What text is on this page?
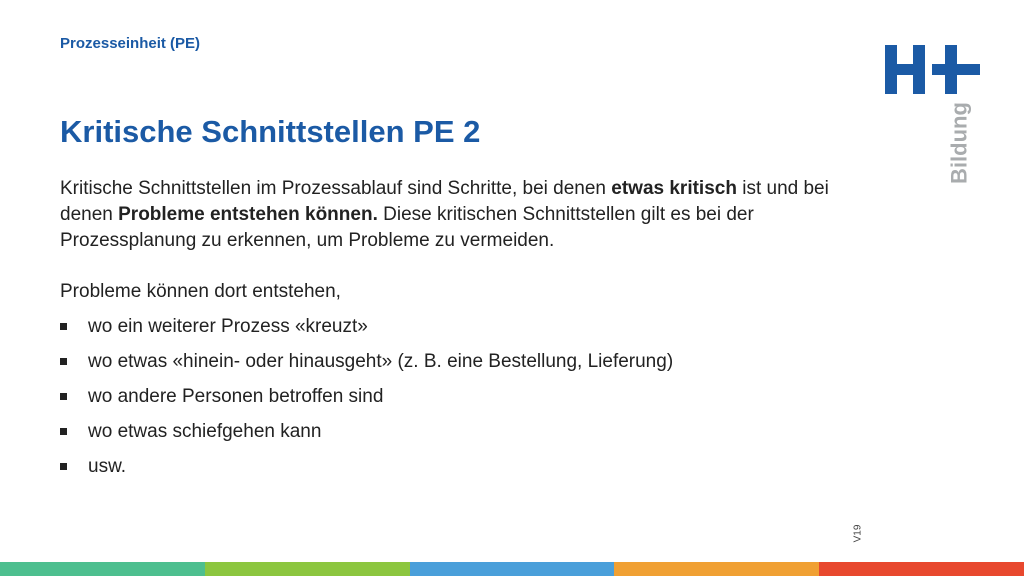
Prozesseinheit (PE)

Kritische Schnittstellen PE 2

Kritische Schnittstellen im Prozessablauf sind Schritte, bei denen etwas kritisch ist und bei denen Probleme entstehen können. Diese kritischen Schnittstellen gilt es bei der Prozessplanung zu erkennen, um Probleme zu vermeiden.

Probleme können dort entstehen,

wo ein weiterer Prozess «kreuzt»
wo etwas «hinein- oder hinausgeht» (z. B. eine Bestellung, Lieferung)
wo andere Personen betroffen sind
wo etwas schiefgehen kann
usw.
Bildung
V19
